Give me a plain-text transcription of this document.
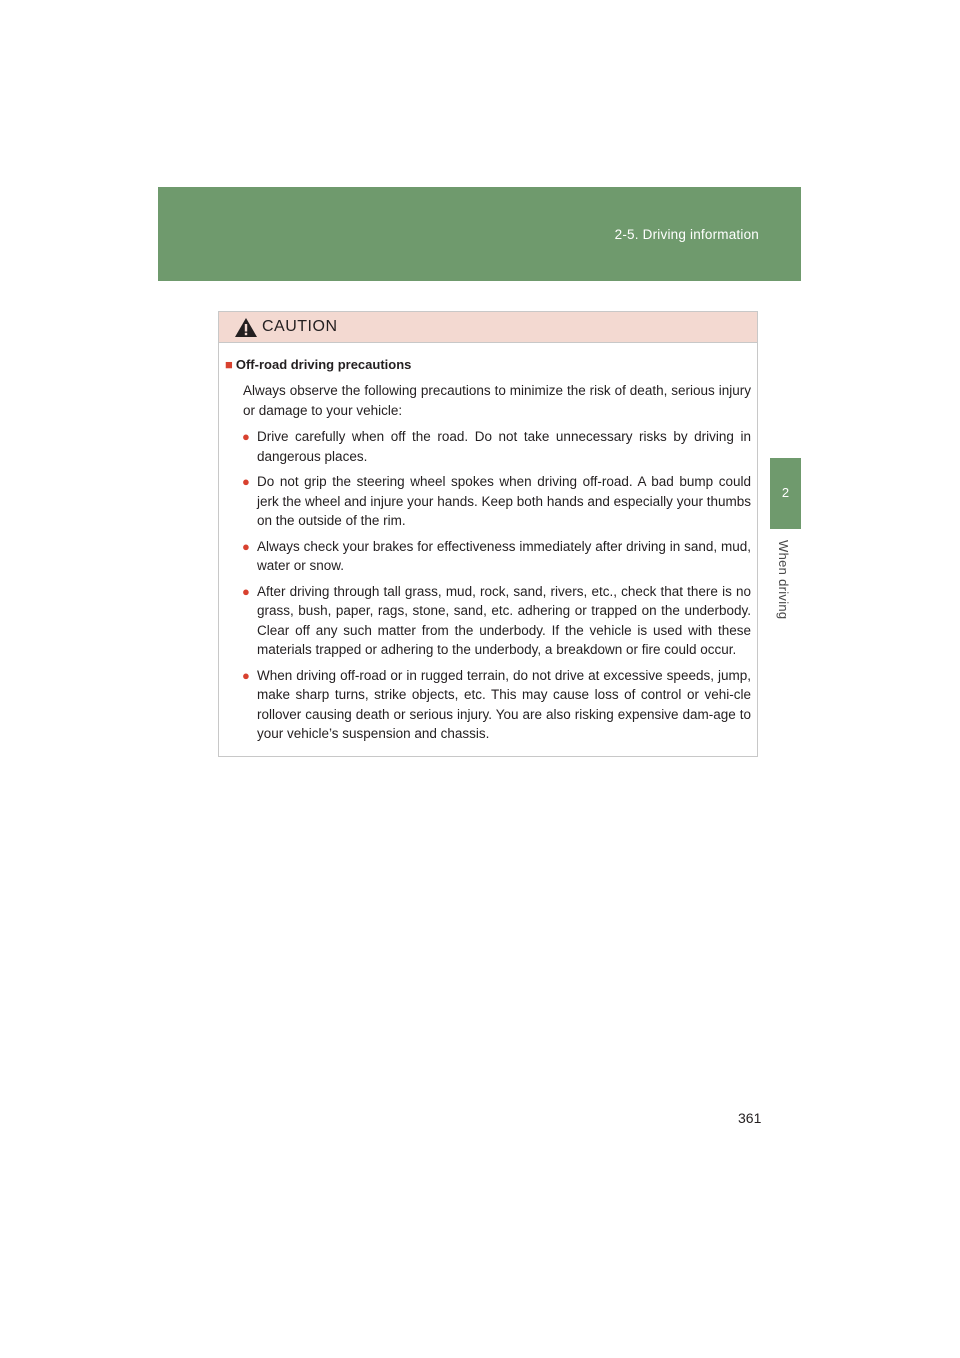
2-5. Driving information
2
When driving
CAUTION
■ Off-road driving precautions

Always observe the following precautions to minimize the risk of death, serious injury or damage to your vehicle:

● Drive carefully when off the road. Do not take unnecessary risks by driving in dangerous places.
● Do not grip the steering wheel spokes when driving off-road. A bad bump could jerk the wheel and injure your hands. Keep both hands and especially your thumbs on the outside of the rim.
● Always check your brakes for effectiveness immediately after driving in sand, mud, water or snow.
● After driving through tall grass, mud, rock, sand, rivers, etc., check that there is no grass, bush, paper, rags, stone, sand, etc. adhering or trapped on the underbody. Clear off any such matter from the underbody. If the vehicle is used with these materials trapped or adhering to the underbody, a breakdown or fire could occur.
● When driving off-road or in rugged terrain, do not drive at excessive speeds, jump, make sharp turns, strike objects, etc. This may cause loss of control or vehi-cle rollover causing death or serious injury. You are also risking expensive dam-age to your vehicle’s suspension and chassis.
361
